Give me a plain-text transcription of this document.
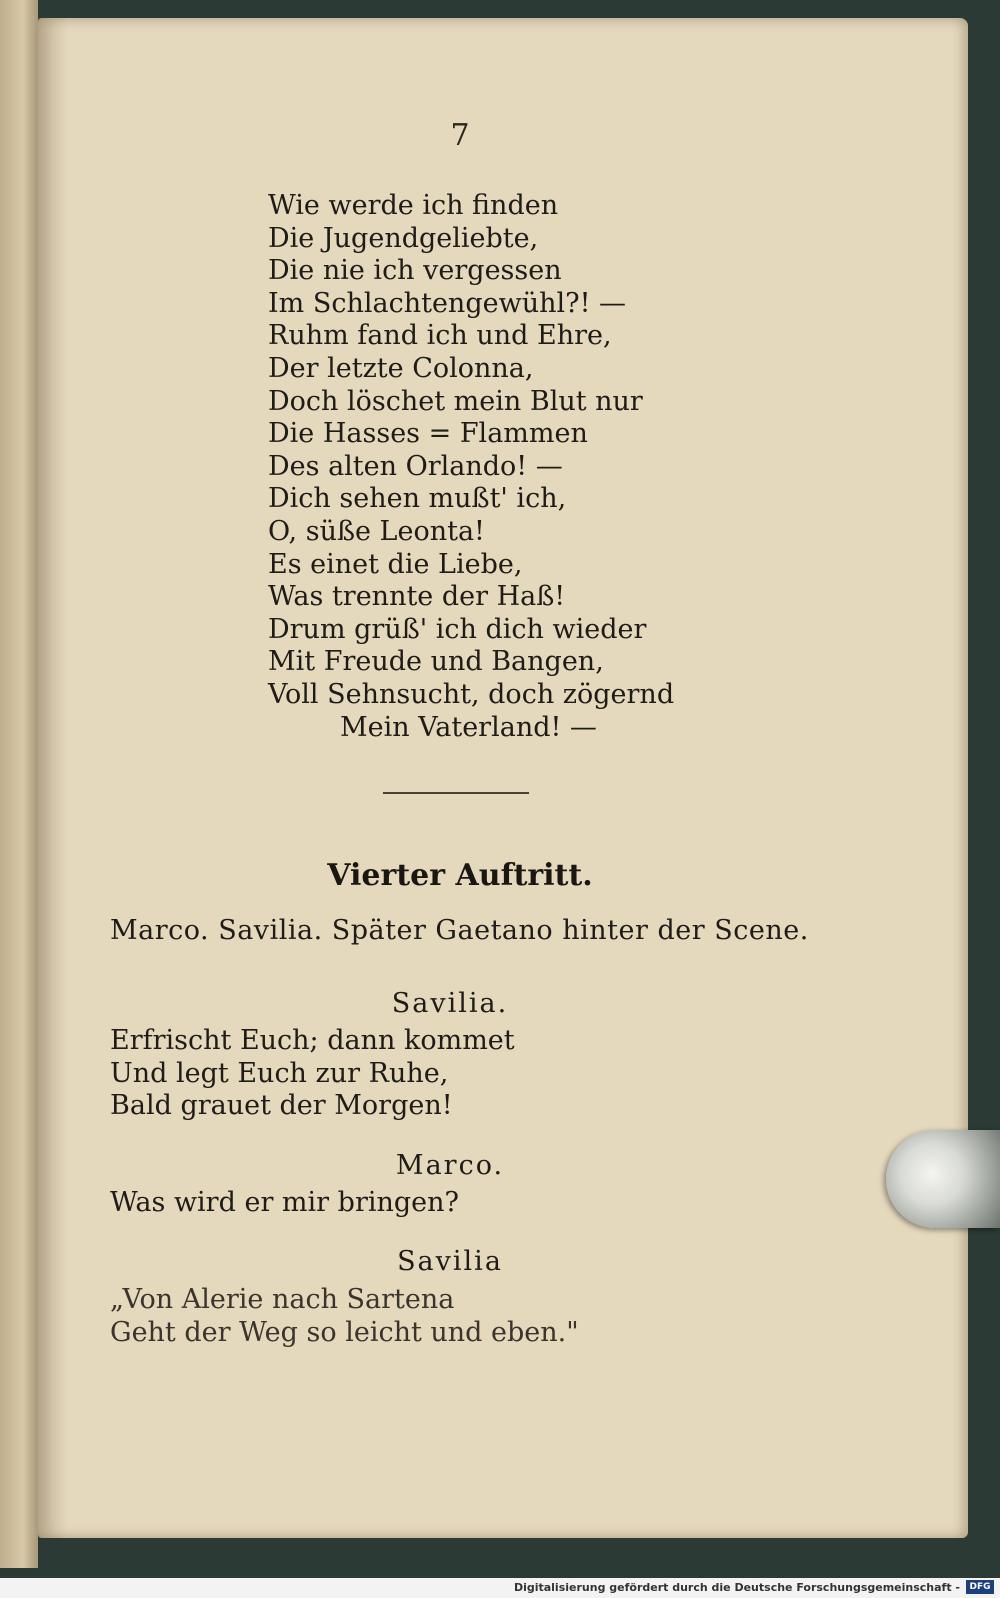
7
Wie werde ich finden
Die Jugendgeliebte,
Die nie ich vergessen
Im Schlachtengewühl?! —
Ruhm fand ich und Ehre,
Der letzte Colonna,
Doch löschet mein Blut nur
Die Hasses = Flammen
Des alten Orlando! —
Dich sehen mußt' ich,
O, süße Leonta!
Es einet die Liebe,
Was trennte der Haß!
Drum grüß' ich dich wieder
Mit Freude und Bangen,
Voll Sehnsucht, doch zögernd
Mein Vaterland! —
Vierter Auftritt.
Marco. Savilia. Später Gaetano hinter der Scene.
Savilia.
Erfrischt Euch; dann kommet
Und legt Euch zur Ruhe,
Bald grauet der Morgen!
Marco.
Was wird er mir bringen?
Savilia
„Von Alerie nach Sartena
Geht der Weg so leicht und eben."
Digitalisierung gefördert durch die Deutsche Forschungsgemeinschaft -	DFG
